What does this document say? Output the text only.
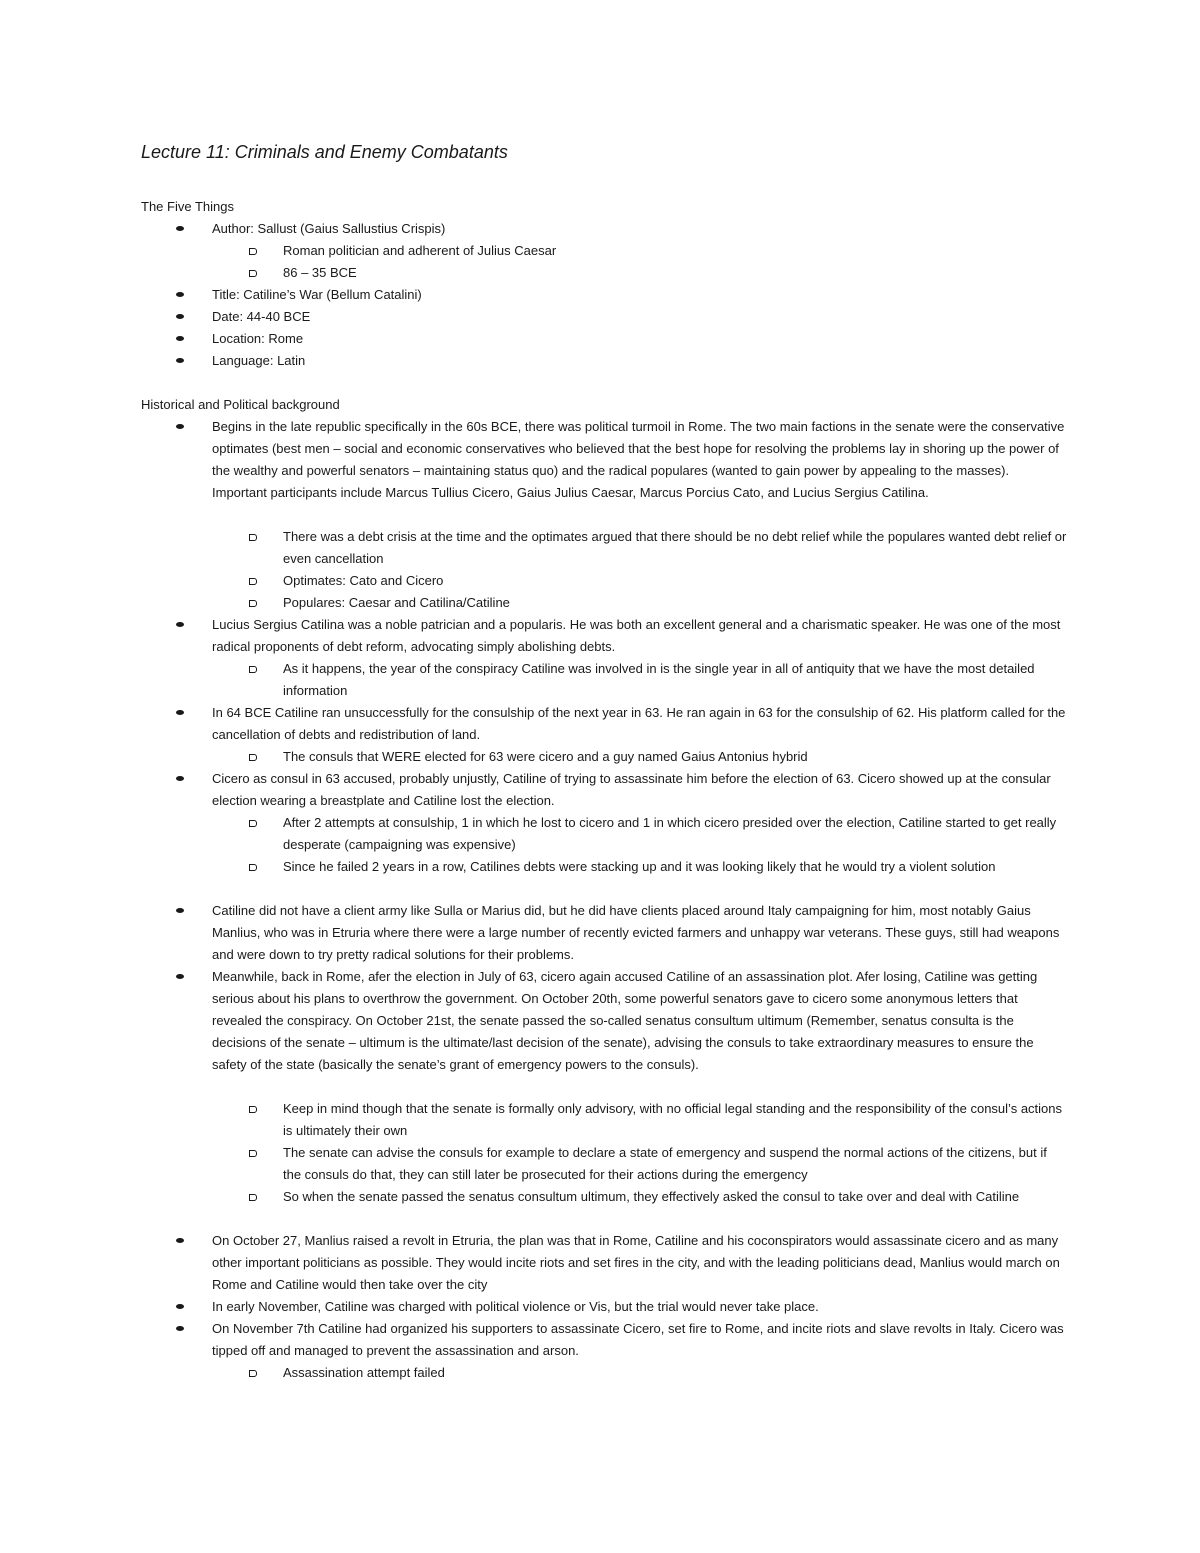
Lecture 11: Criminals and Enemy Combatants
The Five Things
Author: Sallust (Gaius Sallustius Crispis)
Roman politician and adherent of Julius Caesar
86 – 35 BCE
Title: Catiline’s War (Bellum Catalini)
Date: 44-40 BCE
Location: Rome
Language: Latin
Historical and Political background
Begins in the late republic specifically in the 60s BCE, there was political turmoil in Rome. The two main factions in the senate were the conservative optimates (best men – social and economic conservatives who believed that the best hope for resolving the problems lay in shoring up the power of the wealthy and powerful senators – maintaining status quo) and the radical populares (wanted to gain power by appealing to the masses). Important participants include Marcus Tullius Cicero, Gaius Julius Caesar, Marcus Porcius Cato, and Lucius Sergius Catilina.
There was a debt crisis at the time and the optimates argued that there should be no debt relief while the populares wanted debt relief or even cancellation
Optimates: Cato and Cicero
Populares: Caesar and Catilina/Catiline
Lucius Sergius Catilina was a noble patrician and a popularis. He was both an excellent general and a charismatic speaker. He was one of the most radical proponents of debt reform, advocating simply abolishing debts.
As it happens, the year of the conspiracy Catiline was involved in is the single year in all of antiquity that we have the most detailed information
In 64 BCE Catiline ran unsuccessfully for the consulship of the next year in 63. He ran again in 63 for the consulship of 62. His platform called for the cancellation of debts and redistribution of land.
The consuls that WERE elected for 63 were cicero and a guy named Gaius Antonius hybrid
Cicero as consul in 63 accused, probably unjustly, Catiline of trying to assassinate him before the election of 63. Cicero showed up at the consular election wearing a breastplate and Catiline lost the election.
After 2 attempts at consulship, 1 in which he lost to cicero and 1 in which cicero presided over the election, Catiline started to get really desperate (campaigning was expensive)
Since he failed 2 years in a row, Catilines debts were stacking up and it was looking likely that he would try a violent solution
Catiline did not have a client army like Sulla or Marius did, but he did have clients placed around Italy campaigning for him, most notably Gaius Manlius, who was in Etruria where there were a large number of recently evicted farmers and unhappy war veterans. These guys, still had weapons and were down to try pretty radical solutions for their problems.
Meanwhile, back in Rome, afer the election in July of 63, cicero again accused Catiline of an assassination plot. Afer losing, Catiline was getting serious about his plans to overthrow the government. On October 20th, some powerful senators gave to cicero some anonymous letters that revealed the conspiracy. On October 21st, the senate passed the so-called senatus consultum ultimum (Remember, senatus consulta is the decisions of the senate – ultimum is the ultimate/last decision of the senate), advising the consuls to take extraordinary measures to ensure the safety of the state (basically the senate’s grant of emergency powers to the consuls).
Keep in mind though that the senate is formally only advisory, with no official legal standing and the responsibility of the consul’s actions is ultimately their own
The senate can advise the consuls for example to declare a state of emergency and suspend the normal actions of the citizens, but if the consuls do that, they can still later be prosecuted for their actions during the emergency
So when the senate passed the senatus consultum ultimum, they effectively asked the consul to take over and deal with Catiline
On October 27, Manlius raised a revolt in Etruria, the plan was that in Rome, Catiline and his coconspirators would assassinate cicero and as many other important politicians as possible. They would incite riots and set fires in the city, and with the leading politicians dead, Manlius would march on Rome and Catiline would then take over the city
In early November, Catiline was charged with political violence or Vis, but the trial would never take place.
On November 7th Catiline had organized his supporters to assassinate Cicero, set fire to Rome, and incite riots and slave revolts in Italy. Cicero was tipped off and managed to prevent the assassination and arson.
Assassination attempt failed
